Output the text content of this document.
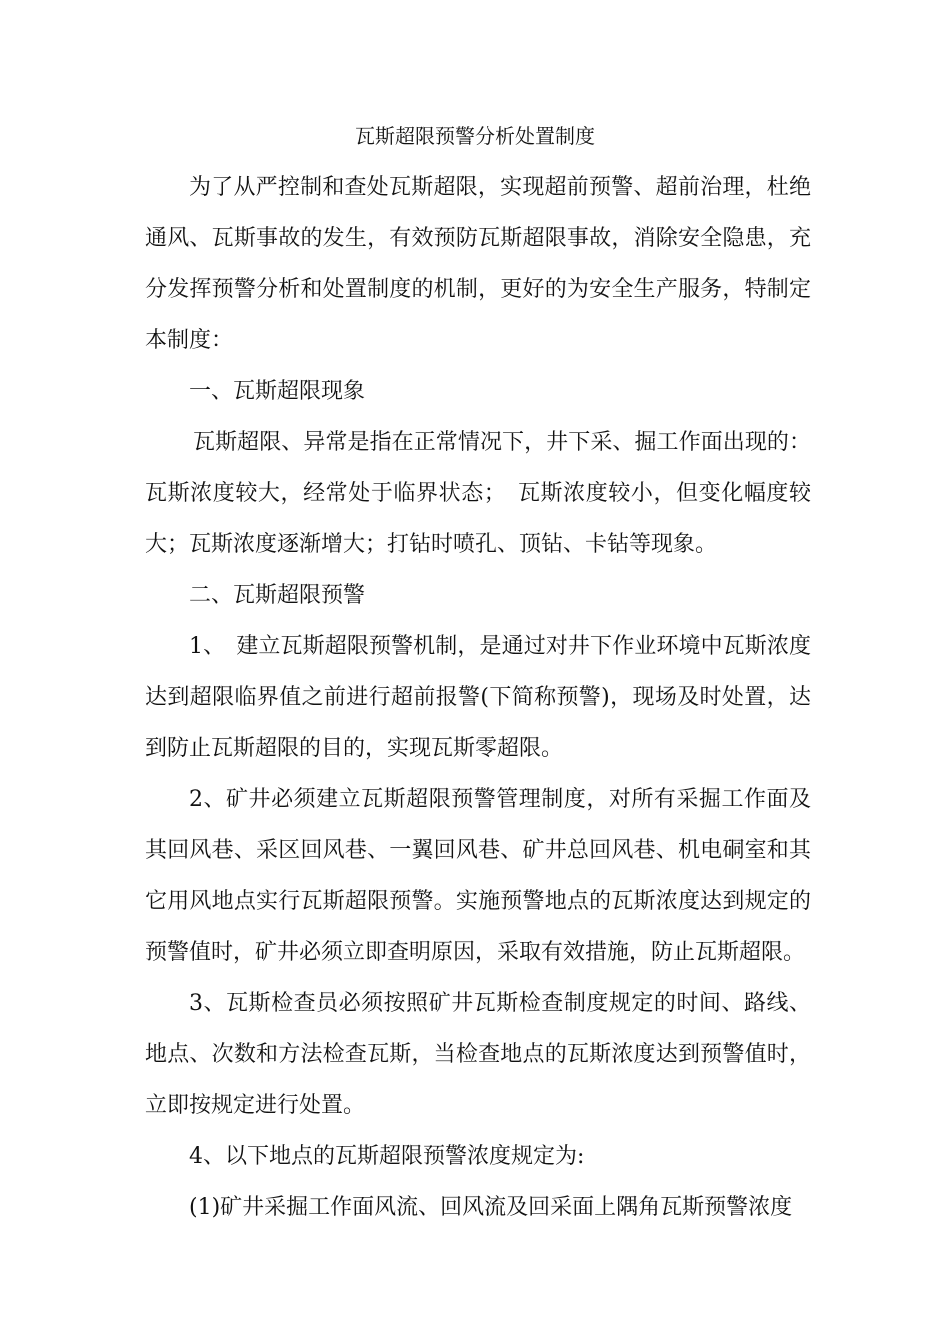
瓦斯超限预警分析处置制度

为了从严控制和查处瓦斯超限，实现超前预警、超前治理，杜绝通风、瓦斯事故的发生，有效预防瓦斯超限事故，消除安全隐患，充分发挥预警分析和处置制度的机制，更好的为安全生产服务，特制定本制度：

一、瓦斯超限现象

瓦斯超限、异常是指在正常情况下，井下采、掘工作面出现的：瓦斯浓度较大，经常处于临界状态；　瓦斯浓度较小，但变化幅度较大；瓦斯浓度逐渐增大；打钻时喷孔、顶钻、卡钻等现象。

二、瓦斯超限预警

1、　建立瓦斯超限预警机制，是通过对井下作业环境中瓦斯浓度达到超限临界值之前进行超前报警(下简称预警)，现场及时处置，达到防止瓦斯超限的目的，实现瓦斯零超限。

2、矿井必须建立瓦斯超限预警管理制度，对所有采掘工作面及其回风巷、采区回风巷、一翼回风巷、矿井总回风巷、机电硐室和其它用风地点实行瓦斯超限预警。实施预警地点的瓦斯浓度达到规定的预警值时，矿井必须立即查明原因，采取有效措施，防止瓦斯超限。

3、瓦斯检查员必须按照矿井瓦斯检查制度规定的时间、路线、地点、次数和方法检查瓦斯，当检查地点的瓦斯浓度达到预警值时，立即按规定进行处置。

4、以下地点的瓦斯超限预警浓度规定为:

(1)矿井采掘工作面风流、回风流及回采面上隅角瓦斯预警浓度
